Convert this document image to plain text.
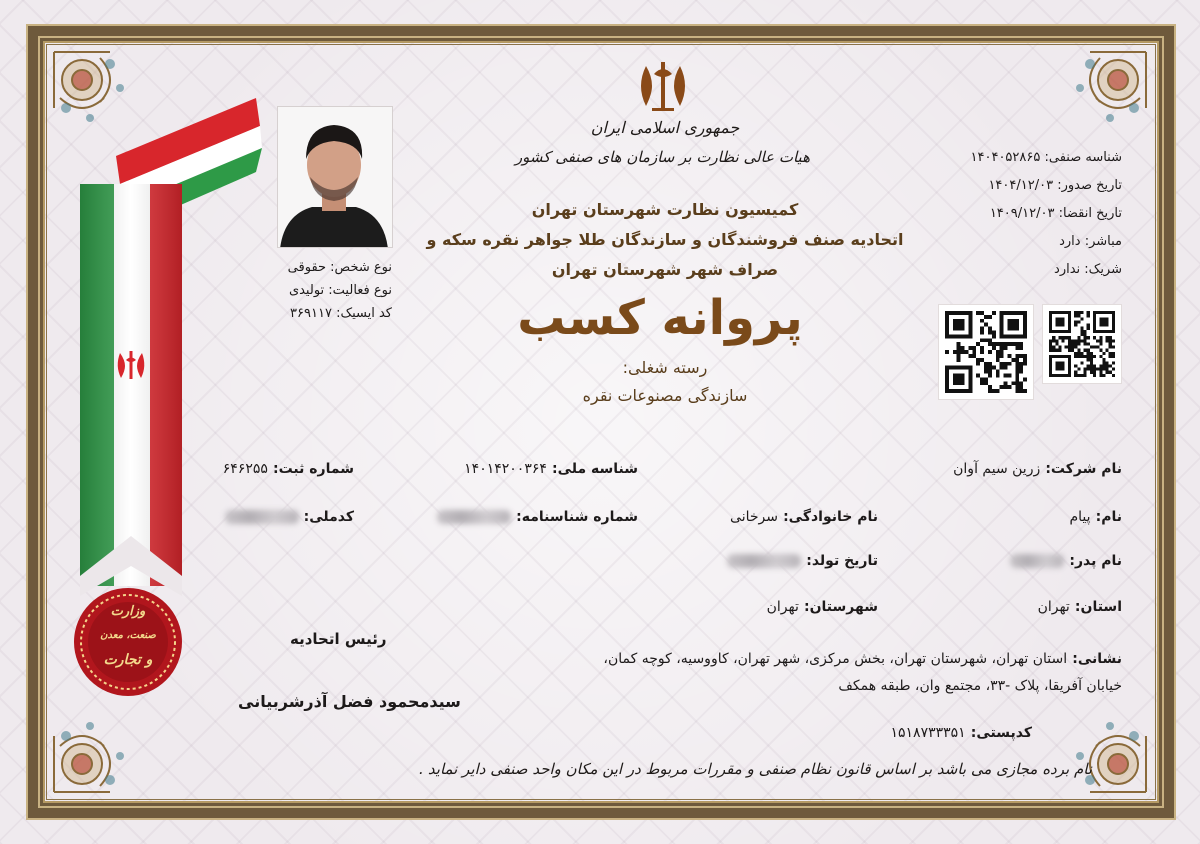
وزارت
صنعت، معدن
و تجارت
نوع شخص: حقوقی
نوع فعالیت: تولیدی
کد ایسیک: ۳۶۹۱۱۷
جمهوری اسلامی ایران
هیات عالی نظارت بر سازمان های صنفی کشور
کمیسیون نظارت شهرستان تهران
اتحادیه صنف فروشندگان و سازندگان طلا جواهر نقره سکه و
صراف شهر شهرستان تهران
پروانه کسب
رسته شغلی:
سازندگی مصنوعات نقره
شناسه صنفی: ۱۴۰۴۰۵۲۸۶۵
تاریخ صدور: ۱۴۰۴/۱۲/۰۳
تاریخ انقضا: ۱۴۰۹/۱۲/۰۳
مباشر: دارد
شریک: ندارد
نام شرکت: زرین سیم آوان
شناسه ملی: ۱۴۰۱۴۲۰۰۳۶۴
شماره ثبت: ۶۴۶۲۵۵
نام: پیام
نام خانوادگی: سرخانی
شماره شناسنامه:
کدملی:
نام پدر:
تاریخ تولد:
استان: تهران
شهرستان: تهران
رئیس اتحادیه
سیدمحمود فضل آذرشربیانی
نشانی: استان تهران، شهرستان تهران، بخش مرکزی، شهر تهران، کاووسیه، کوچه کمان،
خیابان آفریقا، پلاک -۳۳، مجتمع وان، طبقه همکف
کدپستی: ۱۵۱۸۷۳۳۳۵۱
نام برده مجازی می باشد بر اساس قانون نظام صنفی و مقررات مربوط در این مکان واحد صنفی دایر نماید .
